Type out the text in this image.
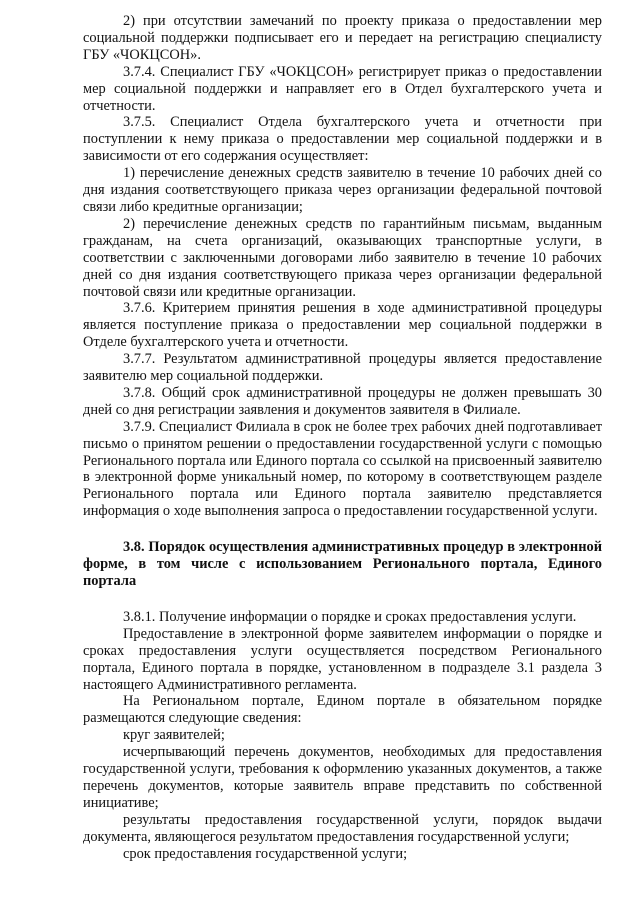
2) при отсутствии замечаний по проекту приказа о предоставлении мер социальной поддержки подписывает его и передает на регистрацию специалисту ГБУ «ЧОКЦСОН».

3.7.4. Специалист ГБУ «ЧОКЦСОН» регистрирует приказ о предоставлении мер социальной поддержки и направляет его в Отдел бухгалтерского учета и отчетности.

3.7.5. Специалист Отдела бухгалтерского учета и отчетности при поступлении к нему приказа о предоставлении мер социальной поддержки и в зависимости от его содержания осуществляет:

1) перечисление денежных средств заявителю в течение 10 рабочих дней со дня издания соответствующего приказа через организации федеральной почтовой связи либо кредитные организации;

2) перечисление денежных средств по гарантийным письмам, выданным гражданам, на счета организаций, оказывающих транспортные услуги, в соответствии с заключенными договорами либо заявителю в течение 10 рабочих дней со дня издания соответствующего приказа через организации федеральной почтовой связи или кредитные организации.

3.7.6. Критерием принятия решения в ходе административной процедуры является поступление приказа о предоставлении мер социальной поддержки в Отделе бухгалтерского учета и отчетности.

3.7.7. Результатом административной процедуры является предоставление заявителю мер социальной поддержки.

3.7.8. Общий срок административной процедуры не должен превышать 30 дней со дня регистрации заявления и документов заявителя в Филиале.

3.7.9. Специалист Филиала в срок не более трех рабочих дней подготавливает письмо о принятом решении о предоставлении государственной услуги с помощью Регионального портала или Единого портала со ссылкой на присвоенный заявителю в электронной форме уникальный номер, по которому в соответствующем разделе Регионального портала или Единого портала заявителю представляется информация о ходе выполнения запроса о предоставлении государственной услуги.

3.8. Порядок осуществления административных процедур в электронной форме, в том числе с использованием Регионального портала, Единого портала

3.8.1. Получение информации о порядке и сроках предоставления услуги.

Предоставление в электронной форме заявителем информации о порядке и сроках предоставления услуги осуществляется посредством Регионального портала, Единого портала в порядке, установленном в подразделе 3.1 раздела 3 настоящего Административного регламента.

На Региональном портале, Едином портале в обязательном порядке размещаются следующие сведения:

круг заявителей;

исчерпывающий перечень документов, необходимых для предоставления государственной услуги, требования к оформлению указанных документов, а также перечень документов, которые заявитель вправе представить по собственной инициативе;

результаты предоставления государственной услуги, порядок выдачи документа, являющегося результатом предоставления государственной услуги;

срок предоставления государственной услуги;
